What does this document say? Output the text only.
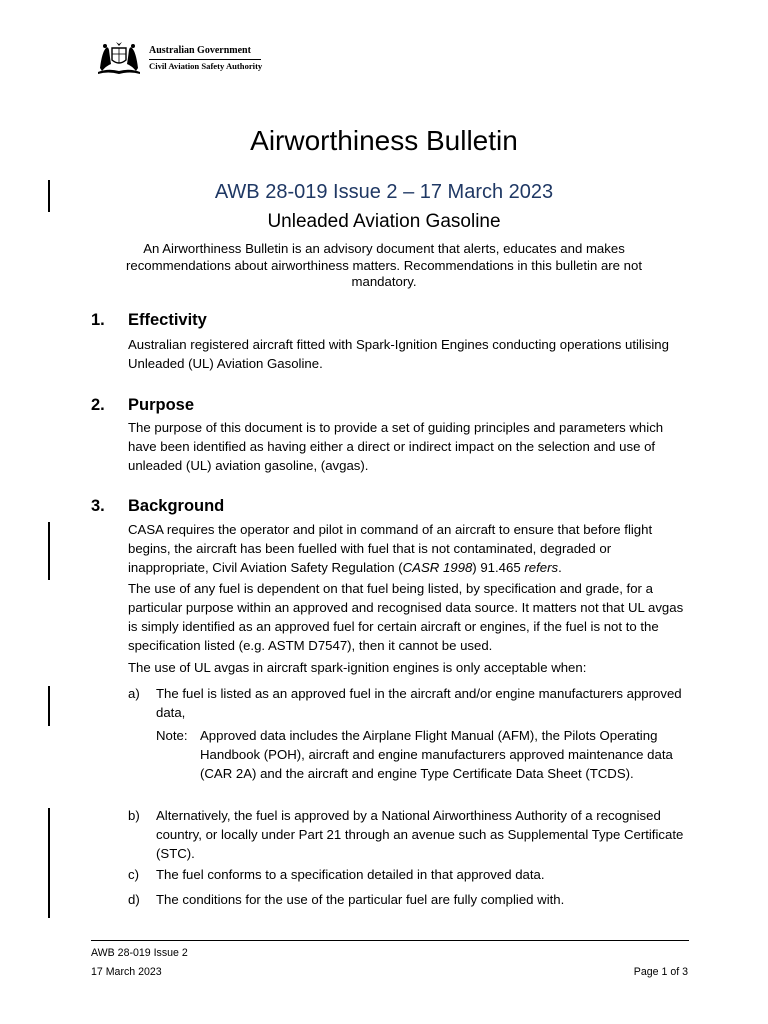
Australian Government
Civil Aviation Safety Authority
Airworthiness Bulletin
AWB 28-019 Issue 2 – 17 March 2023
Unleaded Aviation Gasoline
An Airworthiness Bulletin is an advisory document that alerts, educates and makes recommendations about airworthiness matters. Recommendations in this bulletin are not mandatory.
1. Effectivity
Australian registered aircraft fitted with Spark-Ignition Engines conducting operations utilising Unleaded (UL) Aviation Gasoline.
2. Purpose
The purpose of this document is to provide a set of guiding principles and parameters which have been identified as having either a direct or indirect impact on the selection and use of unleaded (UL) aviation gasoline, (avgas).
3. Background
CASA requires the operator and pilot in command of an aircraft to ensure that before flight begins, the aircraft has been fuelled with fuel that is not contaminated, degraded or inappropriate, Civil Aviation Safety Regulation (CASR 1998) 91.465 refers.
The use of any fuel is dependent on that fuel being listed, by specification and grade, for a particular purpose within an approved and recognised data source. It matters not that UL avgas is simply identified as an approved fuel for certain aircraft or engines, if the fuel is not to the specification listed (e.g. ASTM D7547), then it cannot be used.
The use of UL avgas in aircraft spark-ignition engines is only acceptable when:
a) The fuel is listed as an approved fuel in the aircraft and/or engine manufacturers approved data,
Note: Approved data includes the Airplane Flight Manual (AFM), the Pilots Operating Handbook (POH), aircraft and engine manufacturers approved maintenance data (CAR 2A) and the aircraft and engine Type Certificate Data Sheet (TCDS).
b) Alternatively, the fuel is approved by a National Airworthiness Authority of a recognised country, or locally under Part 21 through an avenue such as Supplemental Type Certificate (STC).
c) The fuel conforms to a specification detailed in that approved data.
d) The conditions for the use of the particular fuel are fully complied with.
AWB 28-019 Issue 2
17 March 2023	Page 1 of 3
